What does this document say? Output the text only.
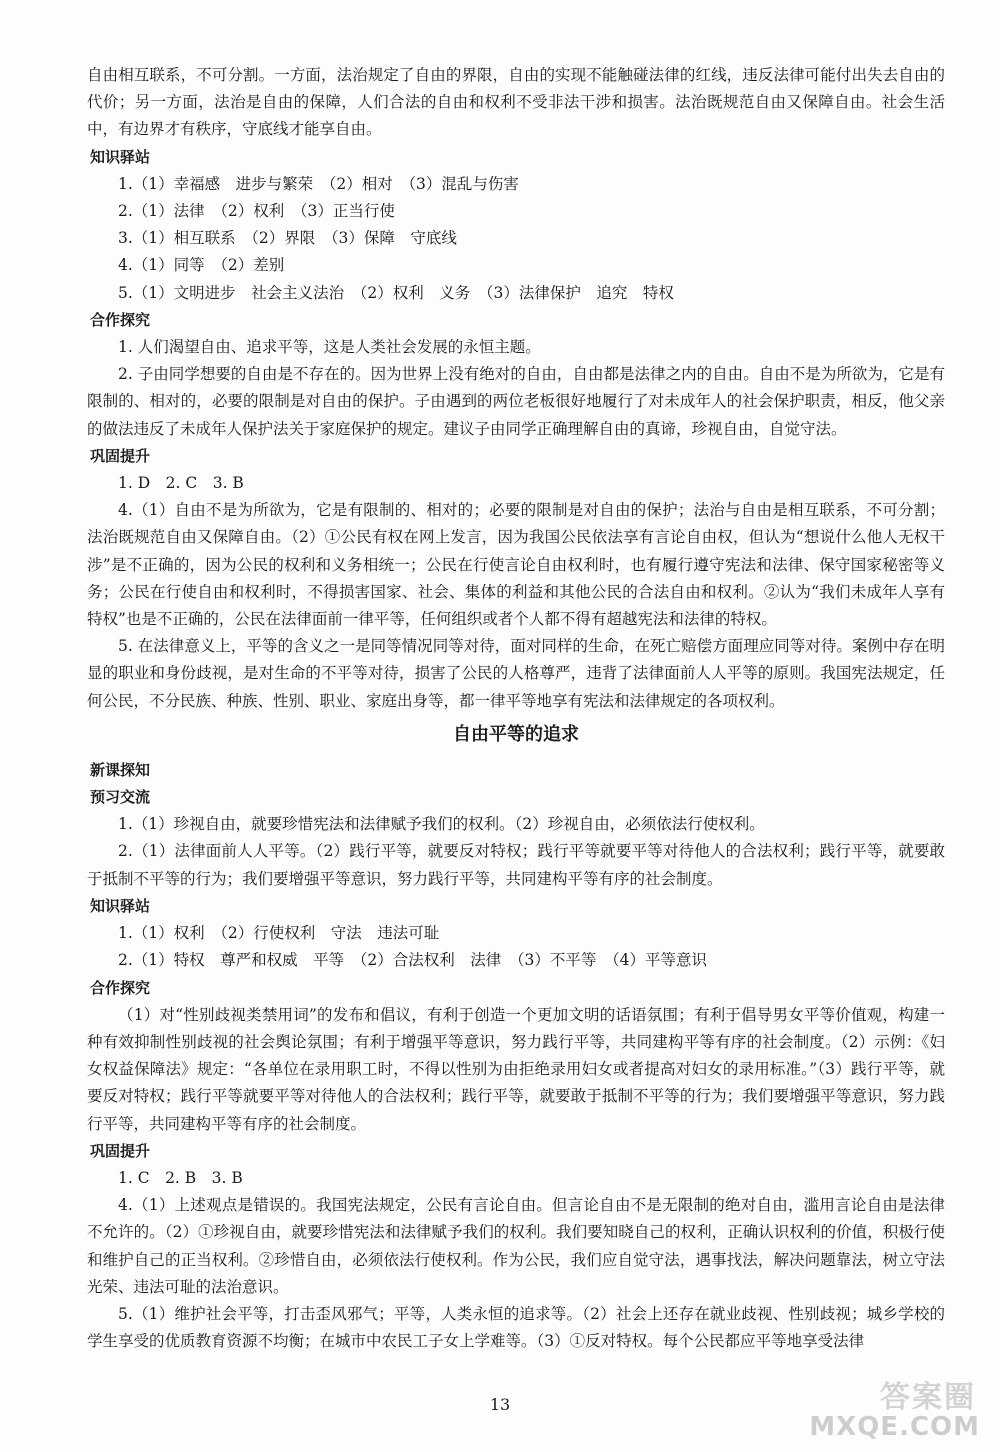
自由相互联系，不可分割。一方面，法治规定了自由的界限，自由的实现不能触碰法律的红线，违反法律可能付出失去自由的代价；另一方面，法治是自由的保障，人们合法的自由和权利不受非法干涉和损害。法治既规范自由又保障自由。社会生活中，有边界才有秩序，守底线才能享自由。

知识驿站

1.（1）幸福感　进步与繁荣　（2）相对　（3）混乱与伤害

2.（1）法律　（2）权利　（3）正当行使

3.（1）相互联系　（2）界限　（3）保障　守底线

4.（1）同等　（2）差别

5.（1）文明进步　社会主义法治　（2）权利　义务　（3）法律保护　追究　特权

合作探究

1. 人们渴望自由、追求平等，这是人类社会发展的永恒主题。

2. 子由同学想要的自由是不存在的。因为世界上没有绝对的自由，自由都是法律之内的自由。自由不是为所欲为，它是有限制的、相对的，必要的限制是对自由的保护。子由遇到的两位老板很好地履行了对未成年人的社会保护职责，相反，他父亲的做法违反了未成年人保护法关于家庭保护的规定。建议子由同学正确理解自由的真谛，珍视自由，自觉守法。

巩固提升

1. D　2. C　3. B

4.（1）自由不是为所欲为，它是有限制的、相对的；必要的限制是对自由的保护；法治与自由是相互联系，不可分割；法治既规范自由又保障自由。（2）①公民有权在网上发言，因为我国公民依法享有言论自由权，但认为“想说什么他人无权干涉”是不正确的，因为公民的权利和义务相统一；公民在行使言论自由权利时，也有履行遵守宪法和法律、保守国家秘密等义务；公民在行使自由和权利时，不得损害国家、社会、集体的利益和其他公民的合法自由和权利。②认为“我们未成年人享有特权”也是不正确的，公民在法律面前一律平等，任何组织或者个人都不得有超越宪法和法律的特权。

5. 在法律意义上，平等的含义之一是同等情况同等对待，面对同样的生命，在死亡赔偿方面理应同等对待。案例中存在明显的职业和身份歧视，是对生命的不平等对待，损害了公民的人格尊严，违背了法律面前人人平等的原则。我国宪法规定，任何公民，不分民族、种族、性别、职业、家庭出身等，都一律平等地享有宪法和法律规定的各项权利。

自由平等的追求

新课探知

预习交流

1.（1）珍视自由，就要珍惜宪法和法律赋予我们的权利。（2）珍视自由，必须依法行使权利。

2.（1）法律面前人人平等。（2）践行平等，就要反对特权；践行平等就要平等对待他人的合法权利；践行平等，就要敢于抵制不平等的行为；我们要增强平等意识，努力践行平等，共同建构平等有序的社会制度。

知识驿站

1.（1）权利　（2）行使权利　守法　违法可耻

2.（1）特权　尊严和权威　平等　（2）合法权利　法律　（3）不平等　（4）平等意识

合作探究

（1）对“性别歧视类禁用词”的发布和倡议，有利于创造一个更加文明的话语氛围；有利于倡导男女平等价值观，构建一种有效抑制性别歧视的社会舆论氛围；有利于增强平等意识，努力践行平等，共同建构平等有序的社会制度。（2）示例：《妇女权益保障法》规定：“各单位在录用职工时，不得以性别为由拒绝录用妇女或者提高对妇女的录用标准。”（3）践行平等，就要反对特权；践行平等就要平等对待他人的合法权利；践行平等，就要敢于抵制不平等的行为；我们要增强平等意识，努力践行平等，共同建构平等有序的社会制度。

巩固提升

1. C　2. B　3. B

4.（1）上述观点是错误的。我国宪法规定，公民有言论自由。但言论自由不是无限制的绝对自由，滥用言论自由是法律不允许的。（2）①珍视自由，就要珍惜宪法和法律赋予我们的权利。我们要知晓自己的权利，正确认识权利的价值，积极行使和维护自己的正当权利。②珍惜自由，必须依法行使权利。作为公民，我们应自觉守法，遇事找法，解决问题靠法，树立守法光荣、违法可耻的法治意识。

5.（1）维护社会平等，打击歪风邪气；平等，人类永恒的追求等。（2）社会上还存在就业歧视、性别歧视；城乡学校的学生享受的优质教育资源不均衡；在城市中农民工子女上学难等。（3）①反对特权。每个公民都应平等地享受法律

13	答案圈
MXQE.COM
